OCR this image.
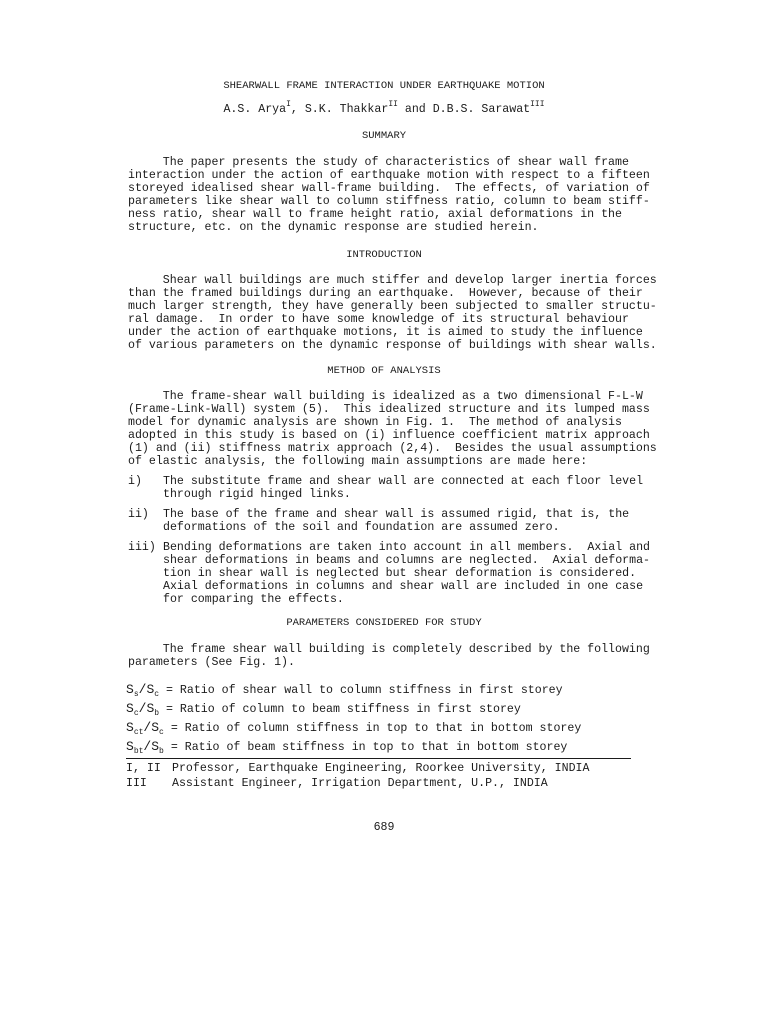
SHEARWALL FRAME INTERACTION UNDER EARTHQUAKE MOTION
A.S. Arya$^I$, S.K. Thakkar$^{II}$ and D.B.S. Sarawat$^{III}$
SUMMARY
The paper presents the study of characteristics of shear wall frame
interaction under the action of earthquake motion with respect to a fifteen
storeyed idealised shear wall-frame building.  The effects, of variation of
parameters like shear wall to column stiffness ratio, column to beam stiff-
ness ratio, shear wall to frame height ratio, axial deformations in the
structure, etc. on the dynamic response are studied herein.
INTRODUCTION
Shear wall buildings are much stiffer and develop larger inertia forces
than the framed buildings during an earthquake.  However, because of their
much larger strength, they have generally been subjected to smaller structu-
ral damage.  In order to have some knowledge of its structural behaviour
under the action of earthquake motions, it is aimed to study the influence
of various parameters on the dynamic response of buildings with shear walls.
METHOD OF ANALYSIS
The frame-shear wall building is idealized as a two dimensional F-L-W
(Frame-Link-Wall) system (5).  This idealized structure and its lumped mass
model for dynamic analysis are shown in Fig. 1.  The method of analysis
adopted in this study is based on (i) influence coefficient matrix approach
(1) and (ii) stiffness matrix approach (2,4).  Besides the usual assumptions
of elastic analysis, the following main assumptions are made here:
i) The substitute frame and shear wall are connected at each floor level
through rigid hinged links.
ii) The base of the frame and shear wall is assumed rigid, that is, the
deformations of the soil and foundation are assumed zero.
iii) Bending deformations are taken into account in all members.  Axial and
shear deformations in beams and columns are neglected.  Axial deforma-
tion in shear wall is neglected but shear deformation is considered.
Axial deformations in columns and shear wall are included in one case
for comparing the effects.
PARAMETERS CONSIDERED FOR STUDY
The frame shear wall building is completely described by the following
parameters (See Fig. 1).
$S_s/S_c$ = Ratio of shear wall to column stiffness in first storey
$S_c/S_b$ = Ratio of column to beam stiffness in first storey
$S_{ct}/S_c$ = Ratio of column stiffness in top to that in bottom storey
$S_{bt}/S_b$ = Ratio of beam stiffness in top to that in bottom storey
I, II Professor, Earthquake Engineering, Roorkee University, INDIA
III Assistant Engineer, Irrigation Department, U.P., INDIA
689
